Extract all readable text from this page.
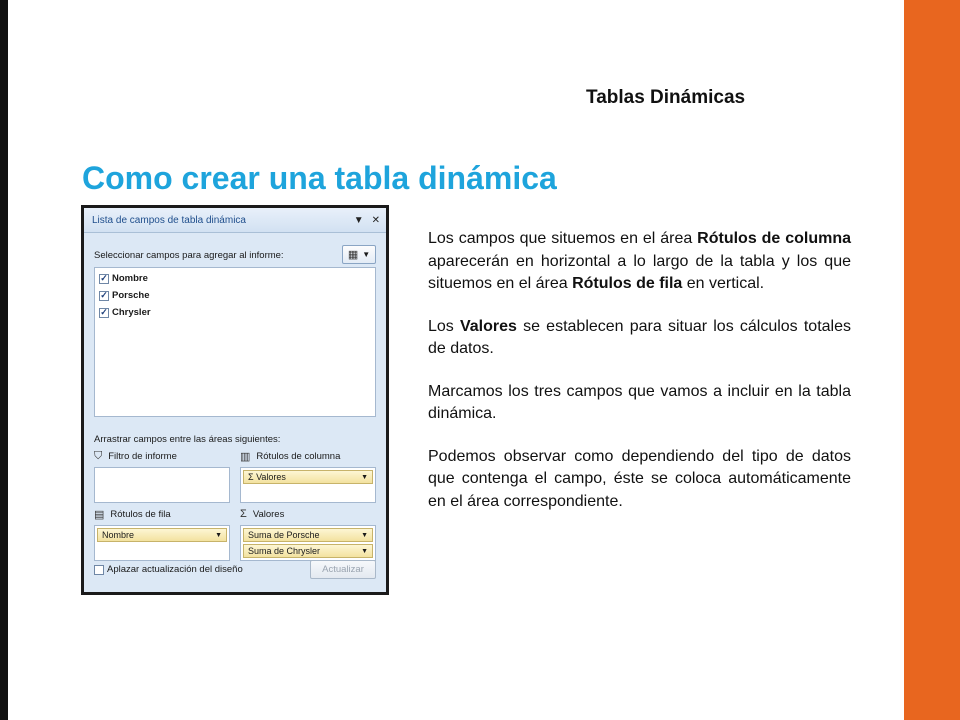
Tablas Dinámicas
Como crear una tabla dinámica
Lista de campos de tabla dinámica	▼ ✕
Seleccionar campos para agregar al informe:	▦ ▼
✓ Nombre
✓ Porsche
✓ Chrysler
Arrastrar campos entre las áreas siguientes:
⛉ Filtro de informe	▥ Rótulos de columna
Σ Valores	▼
▤ Rótulos de fila
Nombre	▼
Σ Valores
Suma de Porsche	▼
Suma de Chrysler	▼
Aplazar actualización del diseño	Actualizar

Los campos que situemos en el área Rótulos de columna aparecerán en horizontal a lo largo de la tabla y los que situemos en el área Rótulos de fila en vertical.

Los Valores se establecen para situar los cálculos totales de datos.

Marcamos los tres campos que vamos a incluir en la tabla dinámica.

Podemos observar como dependiendo del tipo de datos que contenga el campo, éste se coloca automáticamente en el área correspondiente.
